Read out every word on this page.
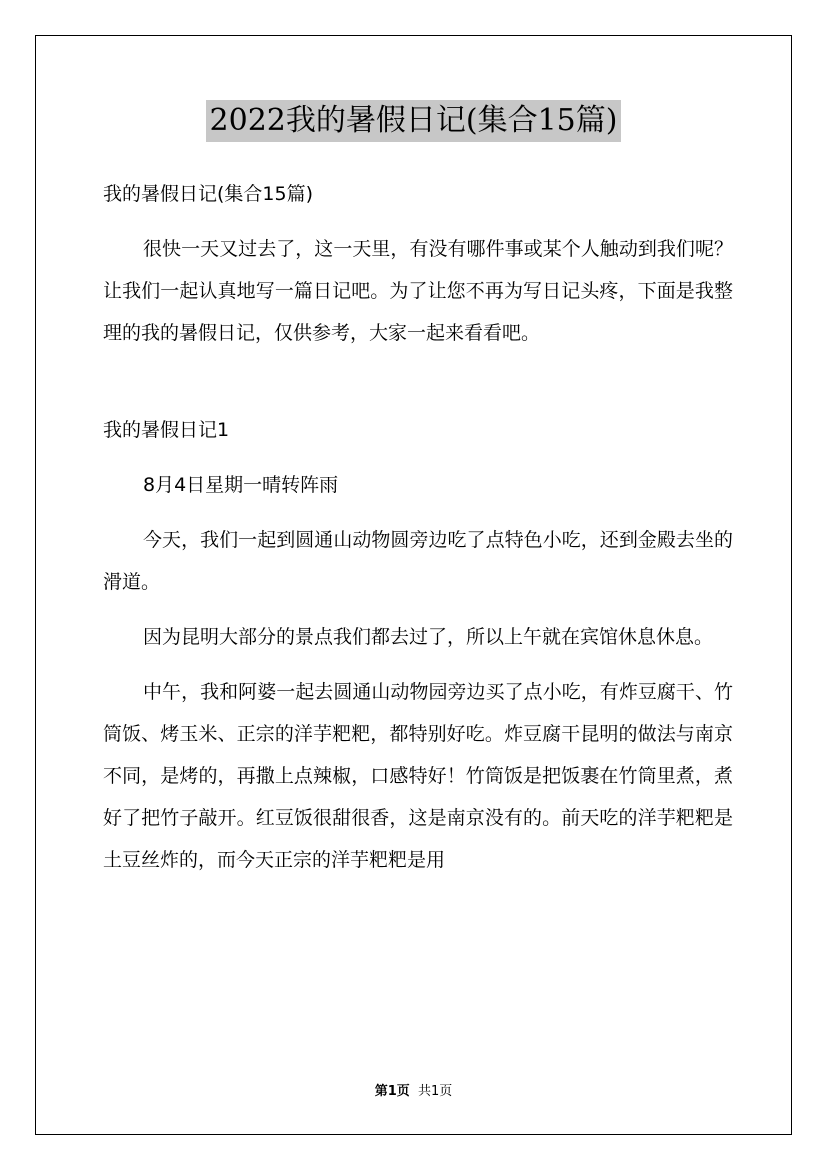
2022我的暑假日记(集合15篇)

我的暑假日记(集合15篇)

很快一天又过去了，这一天里，有没有哪件事或某个人触动到我们呢？让我们一起认真地写一篇日记吧。为了让您不再为写日记头疼，下面是我整理的我的暑假日记，仅供参考，大家一起来看看吧。

我的暑假日记1

8月4日星期一晴转阵雨

今天，我们一起到圆通山动物圆旁边吃了点特色小吃，还到金殿去坐的滑道。

因为昆明大部分的景点我们都去过了，所以上午就在宾馆休息休息。

中午，我和阿婆一起去圆通山动物园旁边买了点小吃，有炸豆腐干、竹筒饭、烤玉米、正宗的洋芋粑粑，都特别好吃。炸豆腐干昆明的做法与南京不同，是烤的，再撒上点辣椒，口感特好！竹筒饭是把饭裹在竹筒里煮，煮好了把竹子敲开。红豆饭很甜很香，这是南京没有的。前天吃的洋芋粑粑是土豆丝炸的，而今天正宗的洋芋粑粑是用

第1页 共1页
